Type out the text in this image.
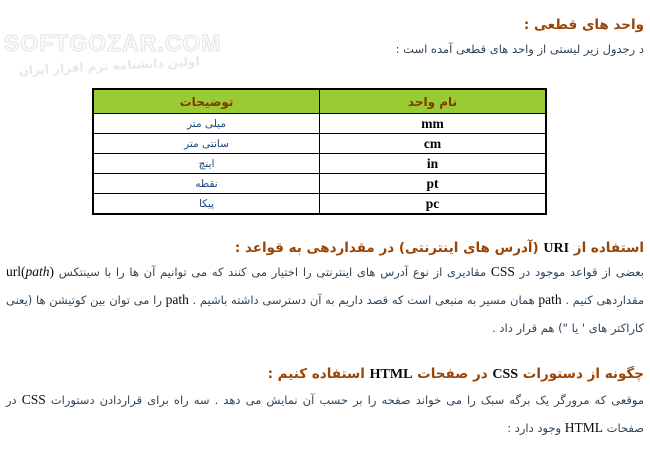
SOFTGOZAR.COM
اولین دانشنامه نرم افزار ایران
واحد های قطعی :

د رجدول زیر لیستی از واحد های قطعی آمده است :

نام واحد	توضیحات
mm	میلی متر
cm	سانتی متر
in	اینچ
pt	نقطه
pc	پیکا
استفاده از URI (آدرس های اینترنتی) در مقداردهی به قواعد :

بعضی از قواعد موجود در CSS مقادیری از نوع آدرس های اینترنتی را اختیار می کنند که می توانیم آن ها را با سینتکس url(path)‎ مقداردهی کنیم . path همان مسیر به منبعی است که قصد داریم به آن دسترسی داشته باشیم . path را می توان بین کوتیشن ها (یعنی کاراکتر های ' یا ") هم قرار داد .

چگونه از دستورات CSS در صفحات HTML استفاده کنیم :

موقعی که مرورگر یک برگه سبک را می خواند صفحه را بر حسب آن نمایش می دهد . سه راه برای قراردادن دستورات CSS در صفحات HTML وجود دارد :
